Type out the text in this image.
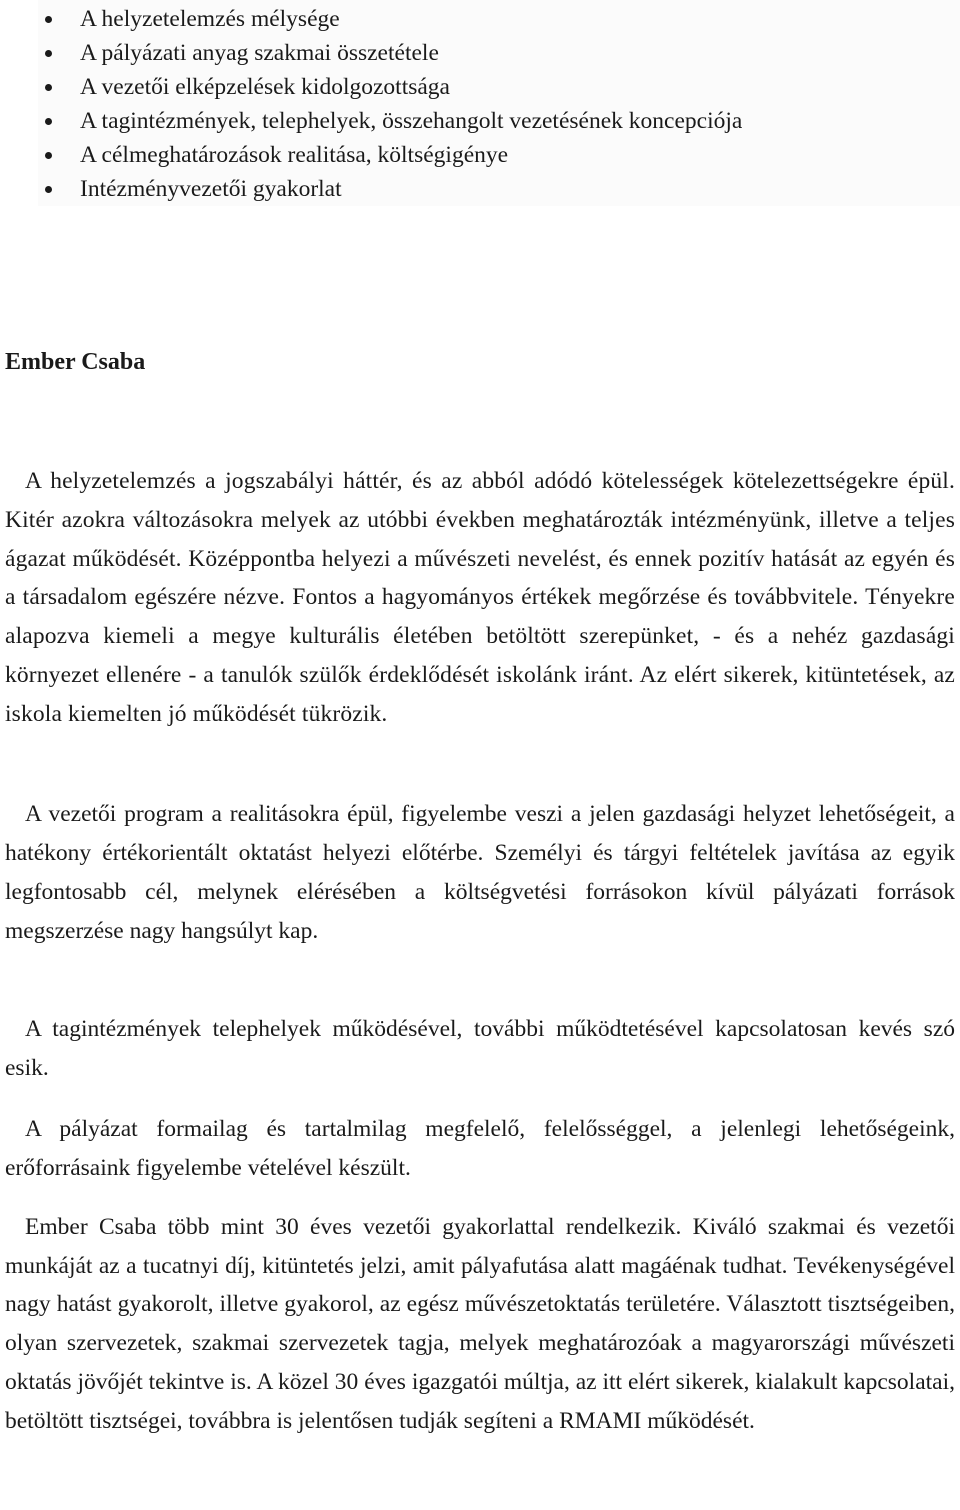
A helyzetelemzés mélysége
A pályázati anyag szakmai összetétele
A vezetői elképzelések kidolgozottsága
A tagintézmények, telephelyek, összehangolt vezetésének koncepciója
A célmeghatározások realitása, költségigénye
Intézményvezetői gyakorlat
Ember Csaba

A helyzetelemzés a jogszabályi háttér, és az abból adódó kötelességek kötelezettségekre épül. Kitér azokra változásokra melyek az utóbbi években meghatározták intézményünk, illetve a teljes ágazat működését. Középpontba helyezi a művészeti nevelést, és ennek pozitív hatását az egyén és a társadalom egészére nézve. Fontos a hagyományos értékek megőrzése és továbbvitele. Tényekre alapozva kiemeli a megye kulturális életében betöltött szerepünket, - és a nehéz gazdasági környezet ellenére - a tanulók szülők érdeklődését iskolánk iránt. Az elért sikerek, kitüntetések, az iskola kiemelten jó működését tükrözik.

A vezetői program a realitásokra épül, figyelembe veszi a jelen gazdasági helyzet lehetőségeit, a hatékony értékorientált oktatást helyezi előtérbe. Személyi és tárgyi feltételek javítása az egyik legfontosabb cél, melynek elérésében a költségvetési forrásokon kívül pályázati források megszerzése nagy hangsúlyt kap.

A tagintézmények telephelyek működésével, további működtetésével kapcsolatosan kevés szó esik.

A pályázat formailag és tartalmilag megfelelő, felelősséggel, a jelenlegi lehetőségeink, erőforrásaink figyelembe vételével készült.

Ember Csaba több mint 30 éves vezetői gyakorlattal rendelkezik. Kiváló szakmai és vezetői munkáját az a tucatnyi díj, kitüntetés jelzi, amit pályafutása alatt magáénak tudhat. Tevékenységével nagy hatást gyakorolt, illetve gyakorol, az egész művészetoktatás területére. Választott tisztségeiben, olyan szervezetek, szakmai szervezetek tagja, melyek meghatározóak a magyarországi művészeti oktatás jövőjét tekintve is. A közel 30 éves igazgatói múltja, az itt elért sikerek, kialakult kapcsolatai, betöltött tisztségei, továbbra is jelentősen tudják segíteni a RMAMI működését.
